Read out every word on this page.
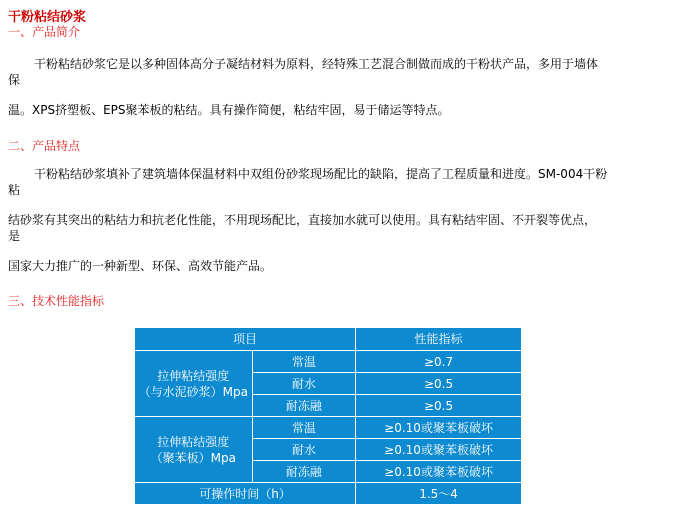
干粉粘结砂浆
一、产品简介
干粉粘结砂浆它是以多种固体高分子凝结材料为原料，经特殊工艺混合制做而成的干粉状产品，多用于墙体
保
温。XPS挤塑板、EPS聚苯板的粘结。具有操作简便，粘结牢固，易于储运等特点。
二、产品特点
干粉粘结砂浆填补了建筑墙体保温材料中双组份砂浆现场配比的缺陷，提高了工程质量和进度。SM-004干粉
粘
结砂浆有其突出的粘结力和抗老化性能，不用现场配比，直接加水就可以使用。具有粘结牢固、不开裂等优点，
是
国家大力推广的一种新型、环保、高效节能产品。
三、技术性能指标
项目		性能指标

拉伸粘结强度
（与水泥砂浆）Mpa	常温	≥0.7
	耐水	≥0.5
	耐冻融	≥0.5

拉伸粘结强度
（聚苯板）Mpa	常温	≥0.10或聚苯板破坏
	耐水	≥0.10或聚苯板破坏
	耐冻融	≥0.10或聚苯板破坏
可操作时间（h）		1.5～4
